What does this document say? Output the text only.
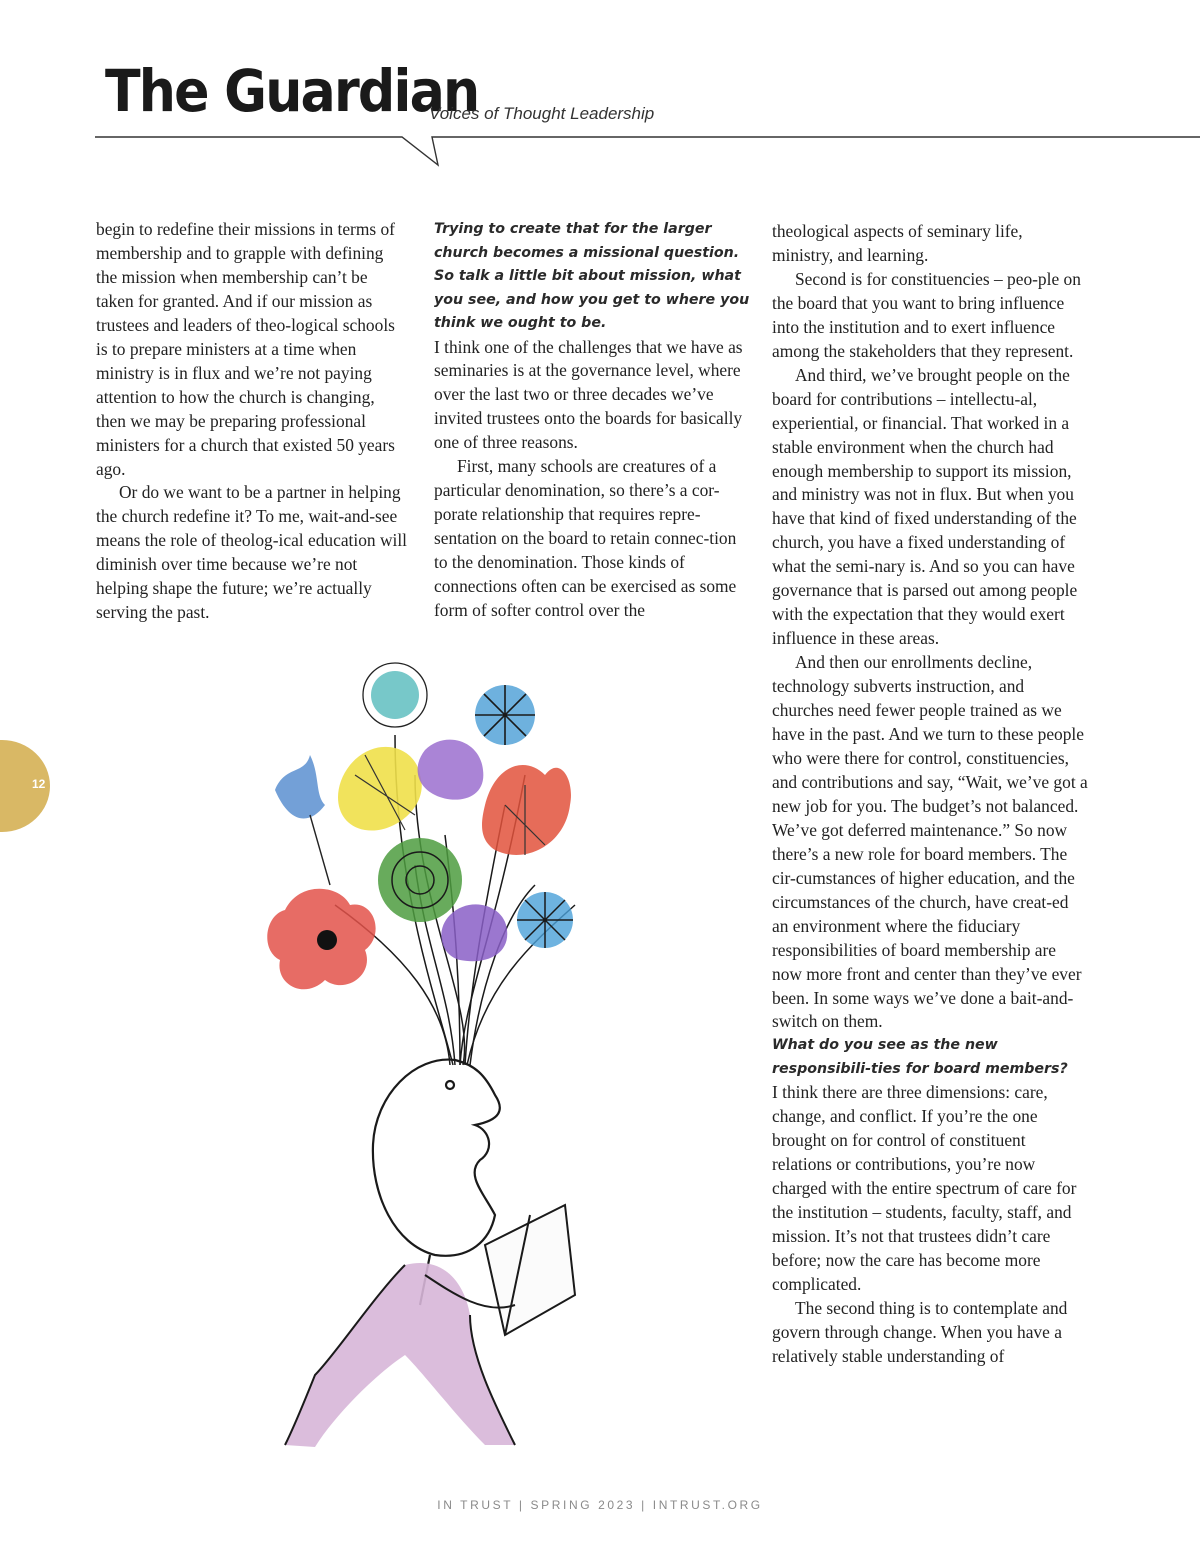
The Guardian
Voices of Thought Leadership

begin to redefine their missions in terms of membership and to grapple with defining the mission when membership can’t be taken for granted. And if our mission as trustees and leaders of theo-logical schools is to prepare ministers at a time when ministry is in flux and we’re not paying attention to how the church is changing, then we may be preparing professional ministers for a church that existed 50 years ago.

Or do we want to be a partner in helping the church redefine it? To me, wait-and-see means the role of theolog-ical education will diminish over time because we’re not helping shape the future; we’re actually serving the past.

Trying to create that for the larger church becomes a missional question. So talk a little bit about mission, what you see, and how you get to where you think we ought to be.

I think one of the challenges that we have as seminaries is at the governance level, where over the last two or three decades we’ve invited trustees onto the boards for basically one of three reasons.

First, many schools are creatures of a particular denomination, so there’s a cor-porate relationship that requires repre-sentation on the board to retain connec-tion to the denomination. Those kinds of connections often can be exercised as some form of softer control over the

theological aspects of seminary life, ministry, and learning.

Second is for constituencies – peo-ple on the board that you want to bring influence into the institution and to exert influence among the stakeholders that they represent.

And third, we’ve brought people on the board for contributions – intellectu-al, experiential, or financial. That worked in a stable environment when the church had enough membership to support its mission, and ministry was not in flux. But when you have that kind of fixed understanding of the church, you have a fixed understanding of what the semi-nary is. And so you can have governance that is parsed out among people with the expectation that they would exert influence in these areas.

And then our enrollments decline, technology subverts instruction, and churches need fewer people trained as we have in the past. And we turn to these people who were there for control, constituencies, and contributions and say, “Wait, we’ve got a new job for you. The budget’s not balanced. We’ve got deferred maintenance.” So now there’s a new role for board members. The cir-cumstances of higher education, and the circumstances of the church, have creat-ed an environment where the fiduciary responsibilities of board membership are now more front and center than they’ve ever been. In some ways we’ve done a bait-and-switch on them.

What do you see as the new responsibili-ties for board members?

I think there are three dimensions: care, change, and conflict. If you’re the one brought on for control of constituent relations or contributions, you’re now charged with the entire spectrum of care for the institution – students, faculty, staff, and mission. It’s not that trustees didn’t care before; now the care has become more complicated.

The second thing is to contemplate and govern through change. When you have a relatively stable understanding of

12
IN TRUST | SPRING 2023 | INTRUST.ORG
